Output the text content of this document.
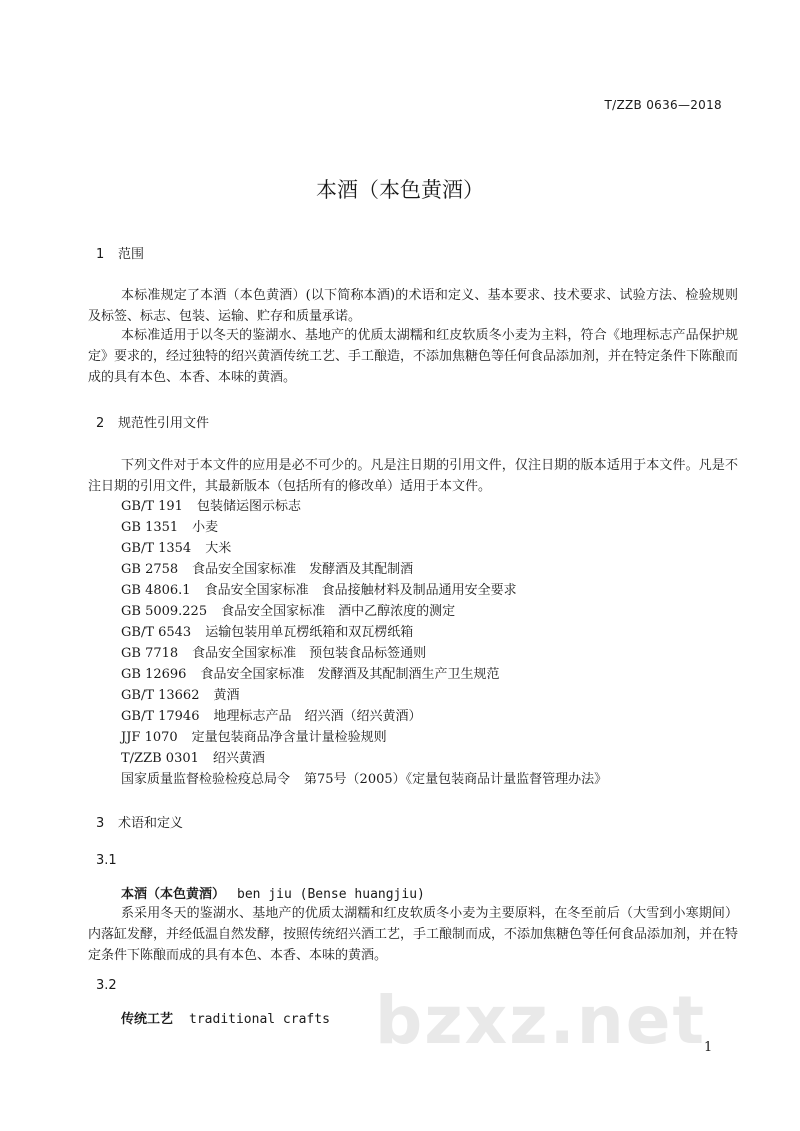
T/ZZB 0636—2018
本酒（本色黄酒）
1 范围
本标准规定了本酒（本色黄酒）(以下简称本酒)的术语和定义、基本要求、技术要求、试验方法、检验规则及标签、标志、包装、运输、贮存和质量承诺。
本标准适用于以冬天的鉴湖水、基地产的优质太湖糯和红皮软质冬小麦为主料，符合《地理标志产品保护规定》要求的，经过独特的绍兴黄酒传统工艺、手工酿造，不添加焦糖色等任何食品添加剂，并在特定条件下陈酿而成的具有本色、本香、本味的黄酒。
2 规范性引用文件
下列文件对于本文件的应用是必不可少的。凡是注日期的引用文件，仅注日期的版本适用于本文件。凡是不注日期的引用文件，其最新版本（包括所有的修改单）适用于本文件。
GB/T 191 包装储运图示标志
GB 1351 小麦
GB/T 1354 大米
GB 2758 食品安全国家标准　发酵酒及其配制酒
GB 4806.1 食品安全国家标准　食品接触材料及制品通用安全要求
GB 5009.225 食品安全国家标准　酒中乙醇浓度的测定
GB/T 6543 运输包装用单瓦楞纸箱和双瓦楞纸箱
GB 7718 食品安全国家标准　预包装食品标签通则
GB 12696 食品安全国家标准　发酵酒及其配制酒生产卫生规范
GB/T 13662 黄酒
GB/T 17946 地理标志产品　绍兴酒（绍兴黄酒）
JJF 1070 定量包装商品净含量计量检验规则
T/ZZB 0301 绍兴黄酒
国家质量监督检验检疫总局令 第75号（2005）《定量包装商品计量监督管理办法》
3 术语和定义
3.1
本酒（本色黄酒） ben jiu (Bense huangjiu)
系采用冬天的鉴湖水、基地产的优质太湖糯和红皮软质冬小麦为主要原料，在冬至前后（大雪到小寒期间）内落缸发酵，并经低温自然发酵，按照传统绍兴酒工艺，手工酿制而成，不添加焦糖色等任何食品添加剂，并在特定条件下陈酿而成的具有本色、本香、本味的黄酒。
3.2
传统工艺 traditional crafts bzxz.net
1
